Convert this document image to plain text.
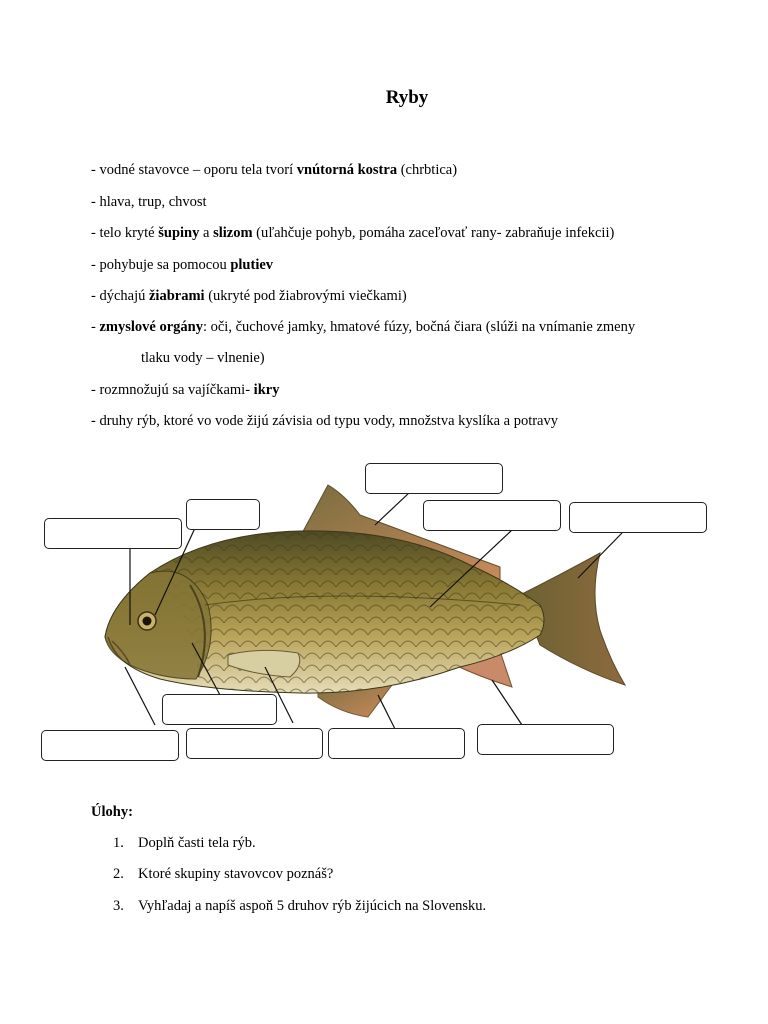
Ryby
- vodné stavovce – oporu tela tvorí vnútorná kostra (chrbtica)
- hlava, trup, chvost
- telo kryté šupiny a slizom (uľahčuje pohyb, pomáha zaceľovať rany- zabraňuje infekcii)
- pohybuje sa pomocou plutiev
- dýchajú žiabrami (ukryté pod žiabrovými viečkami)
- zmyslové orgány: oči, čuchové jamky, hmatové fúzy, bočná čiara (slúži na vnímanie zmeny
tlaku vody – vlnenie)
- rozmnožujú sa vajíčkami- ikry
- druhy rýb, ktoré vo vode žijú závisia od typu vody, množstva kyslíka a potravy
Úlohy:
1. Doplň časti tela rýb.
2. Ktoré skupiny stavovcov poznáš?
3. Vyhľadaj a napíš aspoň 5 druhov rýb žijúcich na Slovensku.
